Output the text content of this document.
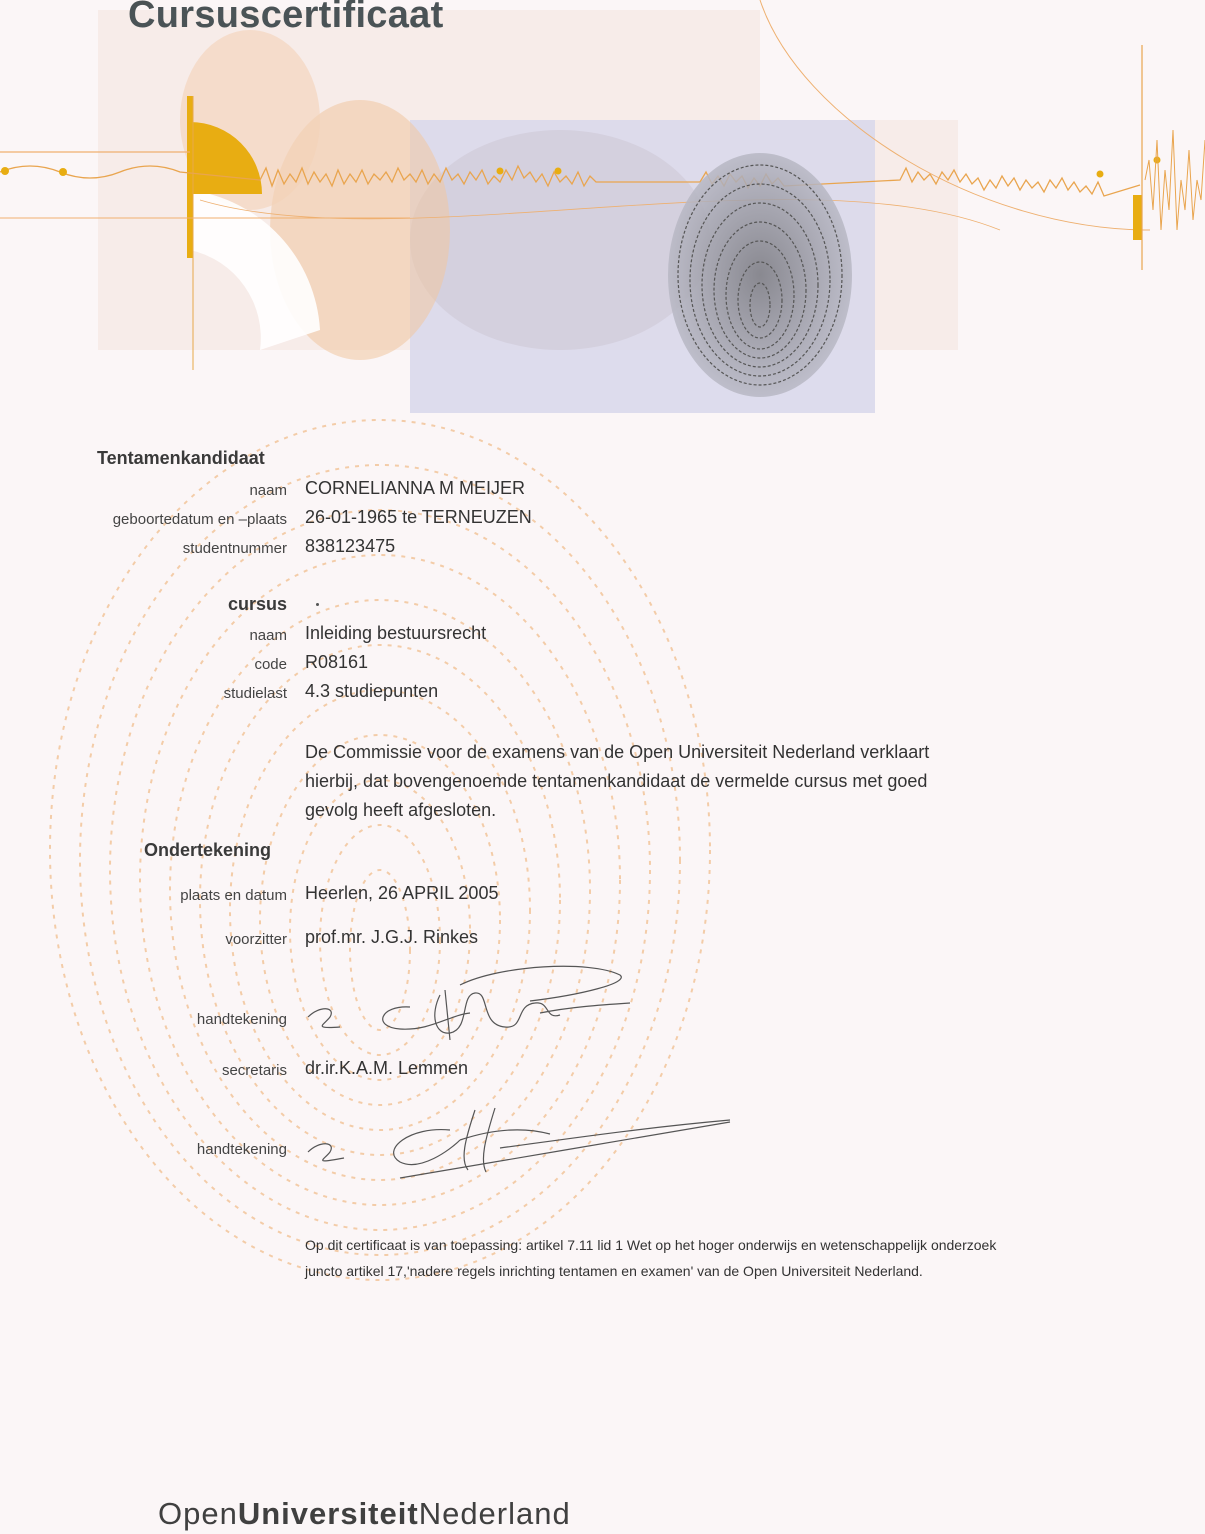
Cursuscertificaat
Tentamenkandidaat
naam CORNELIANNA M MEIJER
geboortedatum en –plaats 26-01-1965 te TERNEUZEN
studentnummer 838123475
cursus
naam Inleiding bestuursrecht
code R08161
studielast 4.3 studiepunten
De Commissie voor de examens van de Open Universiteit Nederland verklaart hierbij, dat bovengenoemde tentamenkandidaat de vermelde cursus met goed gevolg heeft afgesloten.
Ondertekening
plaats en datum Heerlen, 26 APRIL 2005
voorzitter prof.mr. J.G.J. Rinkes
handtekening
secretaris dr.ir.K.A.M. Lemmen
handtekening
Op dit certificaat is van toepassing: artikel 7.11 lid 1 Wet op het hoger onderwijs en wetenschappelijk onderzoek juncto artikel 17,'nadere regels inrichting tentamen en examen' van de Open Universiteit Nederland.
OpenUniversiteitNederland
